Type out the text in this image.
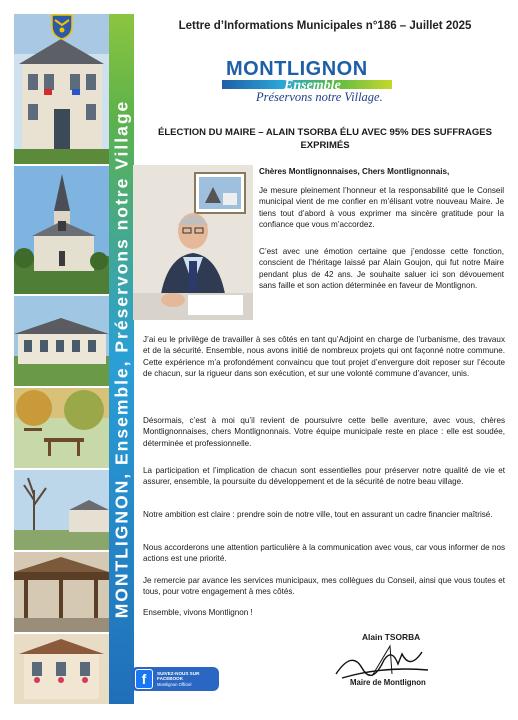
MONTLIGNON, Ensemble, Préservons notre Village
f	SUIVEZ-NOUS SUR FACEBOOK
Montlignon Officiel
Lettre d’Informations Municipales n°186 – Juillet 2025
MONTLIGNON
Ensemble
Préservons notre Village.
ÉLECTION DU MAIRE – ALAIN TSORBA ÉLU AVEC 95% DES SUFFRAGES EXPRIMÉS
Chères Montlignonnaises, Chers Montlignonnais,

Je mesure pleinement l’honneur et la responsabilité que le Conseil municipal vient de me confier en m’élisant votre nouveau Maire. Je tiens tout d’abord à vous exprimer ma sincère gratitude pour la confiance que vous m’accordez.

C’est avec une émotion certaine que j’endosse cette fonction, conscient de l’héritage laissé par Alain Goujon, qui fut notre Maire pendant plus de 42 ans. Je souhaite saluer ici son dévouement sans faille et son action déterminée en faveur de Montlignon.

J’ai eu le privilège de travailler à ses côtés en tant qu’Adjoint en charge de l’urbanisme, des travaux et de la sécurité. Ensemble, nous avons initié de nombreux projets qui ont façonné notre commune. Cette expérience m’a profondément convaincu que tout projet d’envergure doit reposer sur l’écoute de chacun, sur la rigueur dans son exécution, et sur une volonté commune d’avancer, unis.

Désormais, c’est à moi qu’il revient de poursuivre cette belle aventure, avec vous, chères Montlignonnaises, chers Montlignonnais. Votre équipe municipale reste en place : elle est soudée, déterminée et professionnelle.

La participation et l’implication de chacun sont essentielles pour préserver notre qualité de vie et assurer, ensemble, la poursuite du développement et de la sécurité de notre beau village.

Notre ambition est claire : prendre soin de notre ville, tout en assurant un cadre financier maîtrisé.

Nous accorderons une attention particulière à la communication avec vous, car vous informer de nos actions est une priorité.

Je remercie par avance les services municipaux, mes collègues du Conseil, ainsi que vous toutes et tous, pour votre engagement à mes côtés.

Ensemble, vivons Montlignon !

Alain TSORBA
Maire de Montlignon
